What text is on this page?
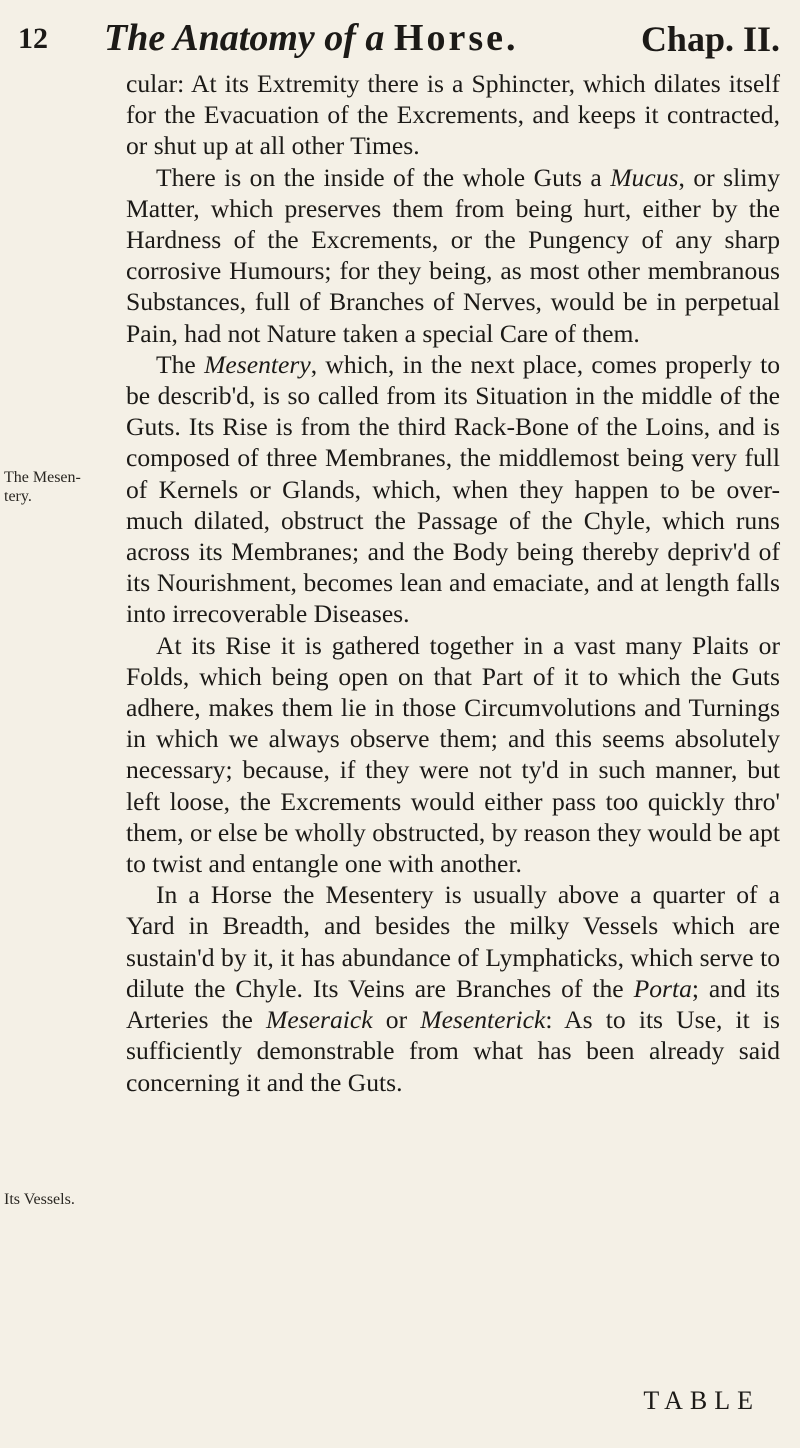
12 The Anatomy of a Horse.	Chap. II.
The Mesen-tery.
Its Vessels.

cular: At its Extremity there is a Sphincter, which dilates itself for the Evacuation of the Excrements, and keeps it contracted, or shut up at all other Times.

There is on the inside of the whole Guts a Mucus, or slimy Matter, which preserves them from being hurt, either by the Hardness of the Excrements, or the Pungency of any sharp corrosive Humours; for they being, as most other membranous Substances, full of Branches of Nerves, would be in perpetual Pain, had not Nature taken a special Care of them.

The Mesentery, which, in the next place, comes properly to be describ'd, is so called from its Situation in the middle of the Guts. Its Rise is from the third Rack-Bone of the Loins, and is composed of three Membranes, the middlemost being very full of Kernels or Glands, which, when they happen to be over-much dilated, obstruct the Passage of the Chyle, which runs across its Membranes; and the Body being thereby depriv'd of its Nourishment, becomes lean and emaciate, and at length falls into irrecoverable Diseases.

At its Rise it is gathered together in a vast many Plaits or Folds, which being open on that Part of it to which the Guts adhere, makes them lie in those Circumvolutions and Turnings in which we always observe them; and this seems absolutely necessary; because, if they were not ty'd in such manner, but left loose, the Excrements would either pass too quickly thro' them, or else be wholly obstructed, by reason they would be apt to twist and entangle one with another.

In a Horse the Mesentery is usually above a quarter of a Yard in Breadth, and besides the milky Vessels which are sustain'd by it, it has abundance of Lymphaticks, which serve to dilute the Chyle. Its Veins are Branches of the Porta; and its Arteries the Meseraick or Mesenterick: As to its Use, it is sufficiently demonstrable from what has been already said concerning it and the Guts.

TABLE
